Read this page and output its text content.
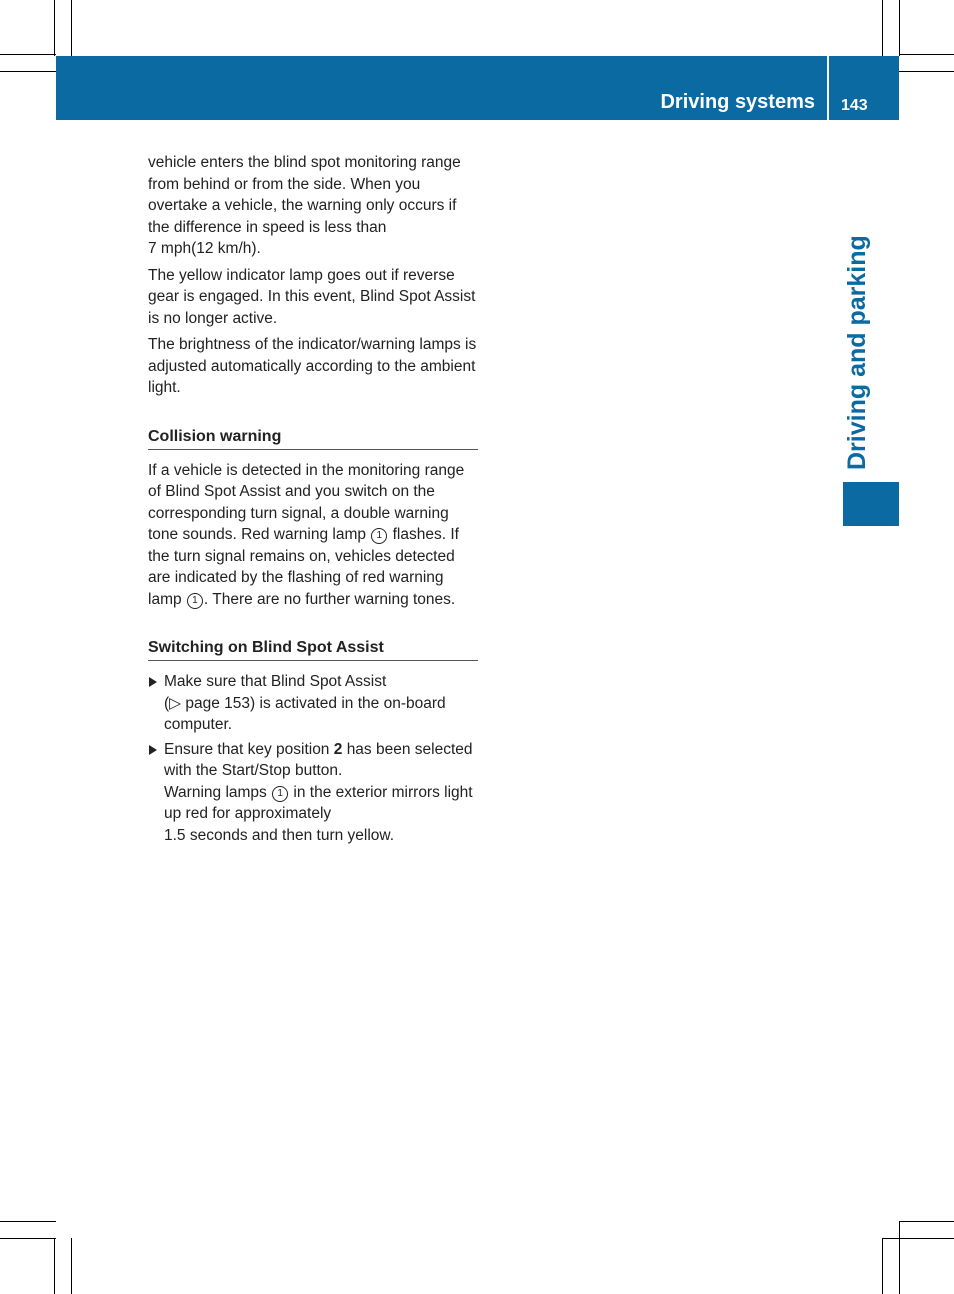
Driving systems 143
Driving and parking

vehicle enters the blind spot monitoring range from behind or from the side. When you overtake a vehicle, the warning only occurs if the difference in speed is less than
7 mph(12 km/h).

The yellow indicator lamp goes out if reverse gear is engaged. In this event, Blind Spot Assist is no longer active.

The brightness of the indicator/warning lamps is adjusted automatically according to the ambient light.

Collision warning

If a vehicle is detected in the monitoring range of Blind Spot Assist and you switch on the corresponding turn signal, a double warning tone sounds. Red warning lamp 1 flashes. If the turn signal remains on, vehicles detected are indicated by the flashing of red warning lamp 1 . There are no further warning tones.

Switching on Blind Spot Assist
Make sure that Blind Spot Assist
(▷ page 153) is activated in the on-board computer.
Ensure that key position 2 has been selected with the Start/Stop button.
Warning lamps 1 in the exterior mirrors light up red for approximately
1.5 seconds and then turn yellow.
